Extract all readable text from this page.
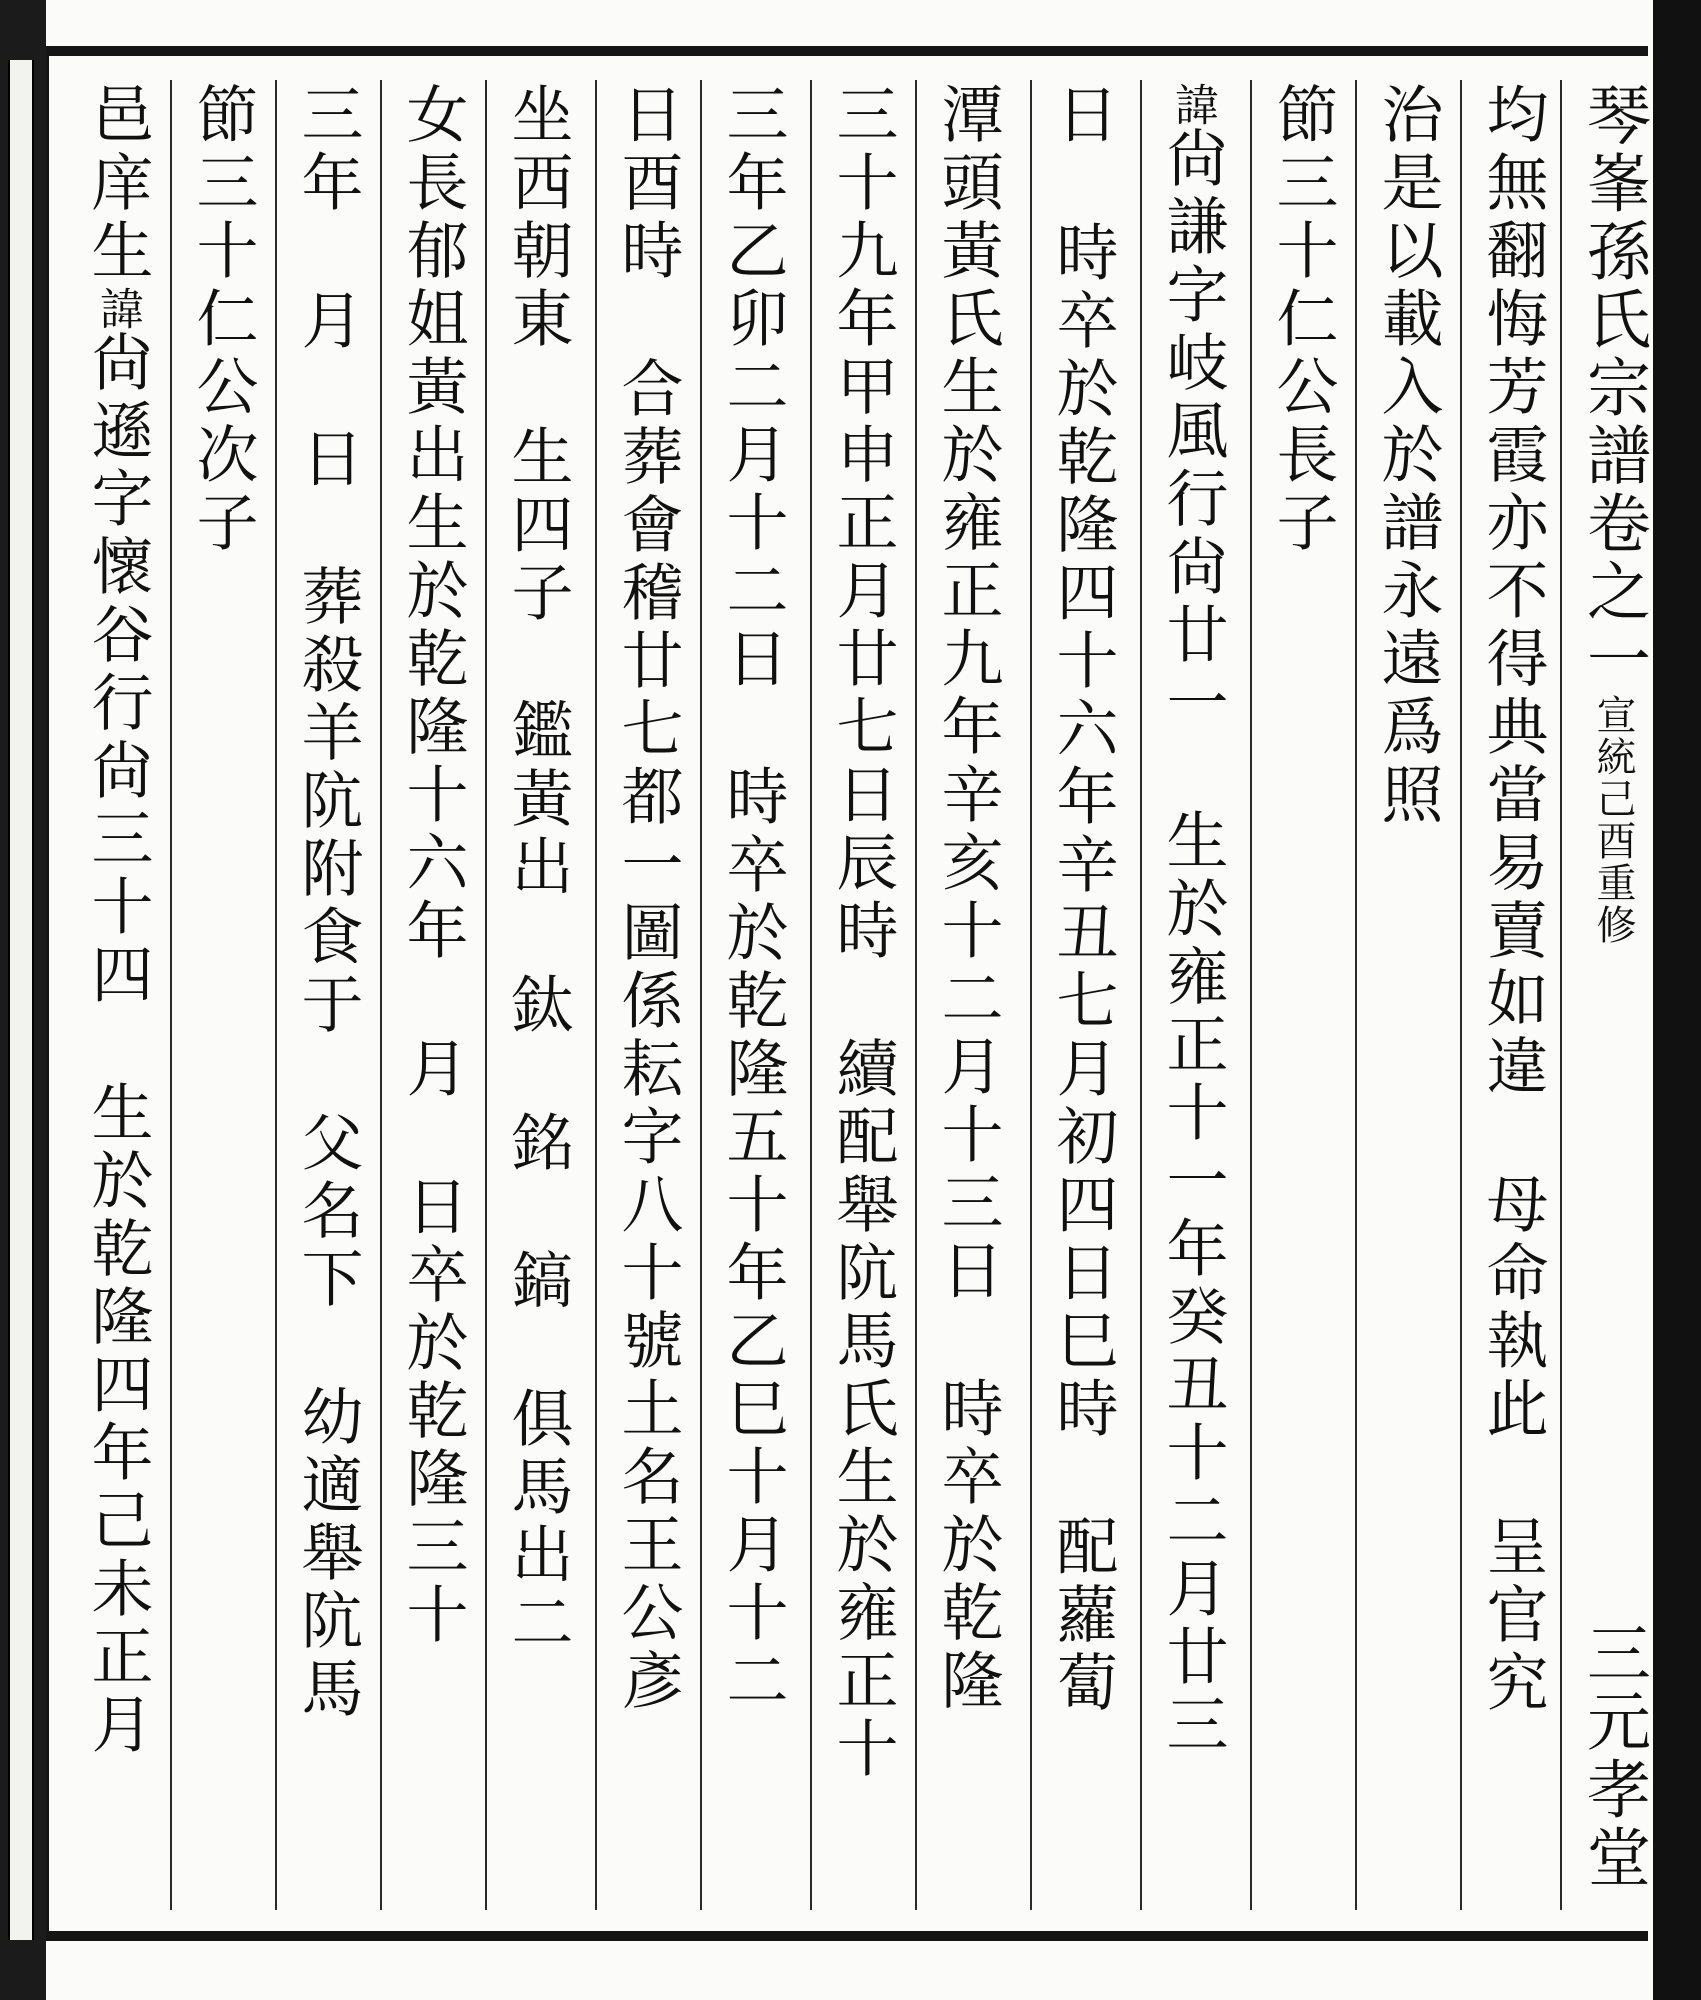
琴峯孫氏宗譜卷之一宣統己酉重修
三元孝堂
均無翻悔芳霞亦不得典當易賣如違母命執此呈官究
治是以載入於譜永遠爲照
節三十仁公長子
諱尙謙字岐風行尙廿一生於雍正十一年癸丑十二月廿三
日時卒於乾隆四十六年辛丑七月初四日巳時配蘿蔔
潭頭黃氏生於雍正九年辛亥十二月十三日時卒於乾隆
三十九年甲申正月廿七日辰時續配舉阬馬氏生於雍正十
三年乙卯二月十二日時卒於乾隆五十年乙巳十月十二
日酉時合葬會稽廿七都一圖係耘字八十號土名王公彥
坐西朝東生四子鑑黃出鈦銘鎬俱馬出二
女長郁姐黃出生於乾隆十六年月日卒於乾隆三十
三年月日葬殺羊阬附食于父名下幼適舉阬馬
節三十仁公次子
邑庠生諱尙遜字懷谷行尙三十四生於乾隆四年己未正月
